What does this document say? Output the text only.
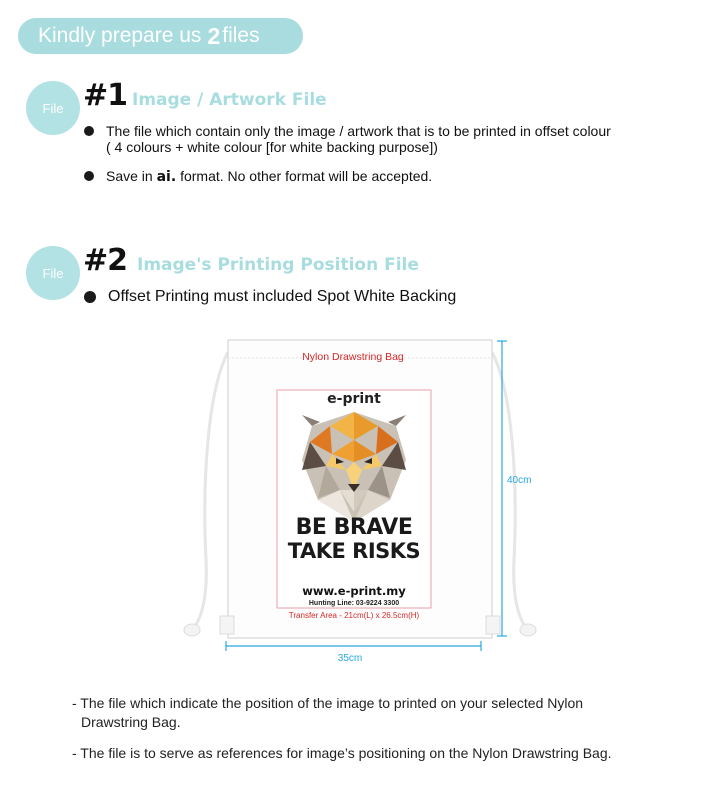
Kindly prepare us 2 files
File #1 Image / Artwork File
The file which contain only the image / artwork that is to be printed in offset colour
( 4 colours + white colour [for white backing purpose])
Save in ai. format. No other format will be accepted.
File #2 Image's Printing Position File
Offset Printing must included Spot White Backing
Nylon Drawstring Bag
e-print
BE BRAVE
TAKE RISKS
www.e-print.my
Hunting Line: 03-9224 3300
Transfer Area - 21cm(L) x 26.5cm(H)
40cm
35cm
- The file which indicate the position of the image to printed on your selected Nylon
Drawstring Bag.
- The file is to serve as references for image’s positioning on the Nylon Drawstring Bag.
